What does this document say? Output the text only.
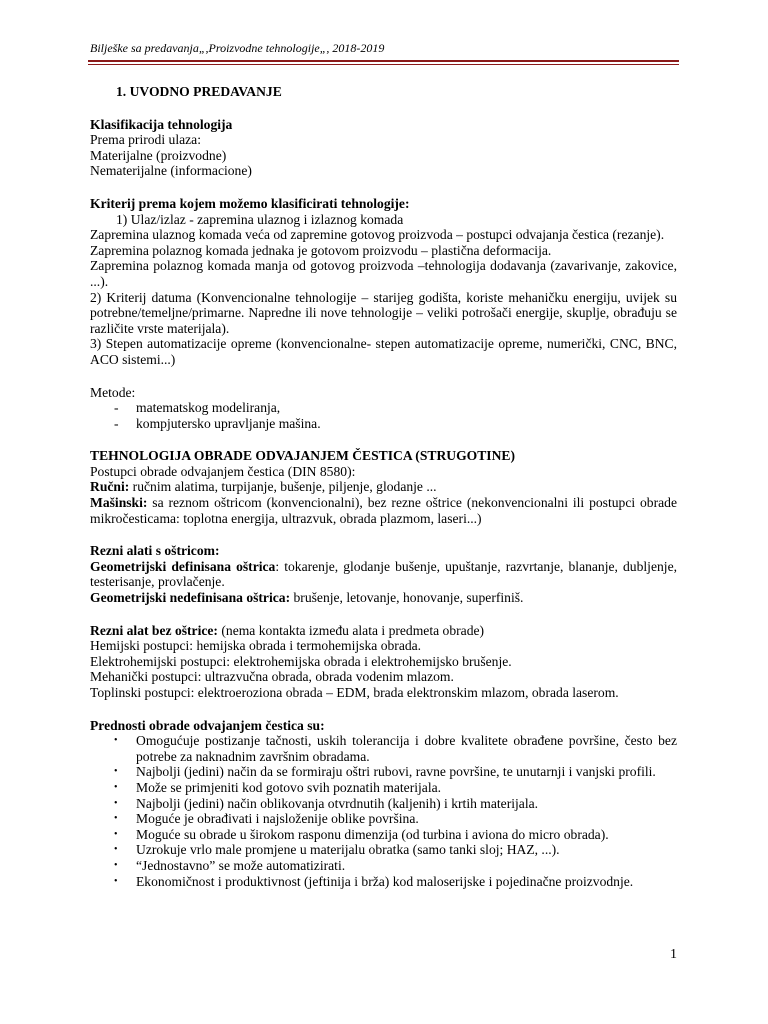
Bilješke sa predavanja„,Proizvodne tehnologije„, 2018-2019

1. UVODNO PREDAVANJE

Klasifikacija tehnologija

Prema prirodi ulaza:

Materijalne (proizvodne)

Nematerijalne (informacione)

Kriterij prema kojem možemo klasificirati tehnologije:

1) Ulaz/izlaz - zapremina ulaznog i izlaznog komada

Zapremina ulaznog komada veća od zapremine gotovog proizvoda – postupci odvajanja čestica (rezanje).

Zapremina polaznog komada jednaka je gotovom proizvodu – plastična deformacija.

Zapremina polaznog komada manja od gotovog proizvoda –tehnologija dodavanja (zavarivanje, zakovice, ...).

2) Kriterij datuma (Konvencionalne tehnologije – starijeg godišta, koriste mehaničku energiju, uvijek su potrebne/temeljne/primarne. Napredne ili nove tehnologije – veliki potrošači energije, skuplje, obrađuju se različite vrste materijala).

3) Stepen automatizacije opreme (konvencionalne- stepen automatizacije opreme, numerički, CNC, BNC, ACO sistemi...)

Metode:

- matematskog modeliranja,
- kompjutersko upravljanje mašina.

TEHNOLOGIJA OBRADE ODVAJANJEM ČESTICA (STRUGOTINE)

Postupci obrade odvajanjem čestica (DIN 8580):

Ručni: ručnim alatima, turpijanje, bušenje, piljenje, glodanje ...

Mašinski: sa reznom oštricom (konvencionalni), bez rezne oštrice (nekonvencionalni ili postupci obrade mikročesticama: toplotna energija, ultrazvuk, obrada plazmom, laseri...)

Rezni alati s oštricom:

Geometrijski definisana oštrica: tokarenje, glodanje bušenje, upuštanje, razvrtanje, blananje, dubljenje, testerisanje, provlačenje.

Geometrijski nedefinisana oštrica: brušenje, letovanje, honovanje, superfiniš.

Rezni alat bez oštrice: (nema kontakta između alata i predmeta obrade)

Hemijski postupci: hemijska obrada i termohemijska obrada.

Elektrohemijski postupci: elektrohemijska obrada i elektrohemijsko brušenje.

Mehanički postupci: ultrazvučna obrada, obrada vodenim mlazom.

Toplinski postupci: elektroeroziona obrada – EDM, brada elektronskim mlazom, obrada laserom.

Prednosti obrade odvajanjem čestica su:

• Omogućuje postizanje tačnosti, uskih tolerancija i dobre kvalitete obrađene površine, često bez potrebe za naknadnim završnim obradama.
• Najbolji (jedini) način da se formiraju oštri rubovi, ravne površine, te unutarnji i vanjski profili.
• Može se primjeniti kod gotovo svih poznatih materijala.
• Najbolji (jedini) način oblikovanja otvrdnutih (kaljenih) i krtih materijala.
• Moguće je obrađivati i najsloženije oblike površina.
• Moguće su obrade u širokom rasponu dimenzija (od turbina i aviona do micro obrada).
• Uzrokuje vrlo male promjene u materijalu obratka (samo tanki sloj; HAZ, ...).
• “Jednostavno” se može automatizirati.
• Ekonomičnost i produktivnost (jeftinija i brža) kod maloserijske i pojedinačne proizvodnje.
1
